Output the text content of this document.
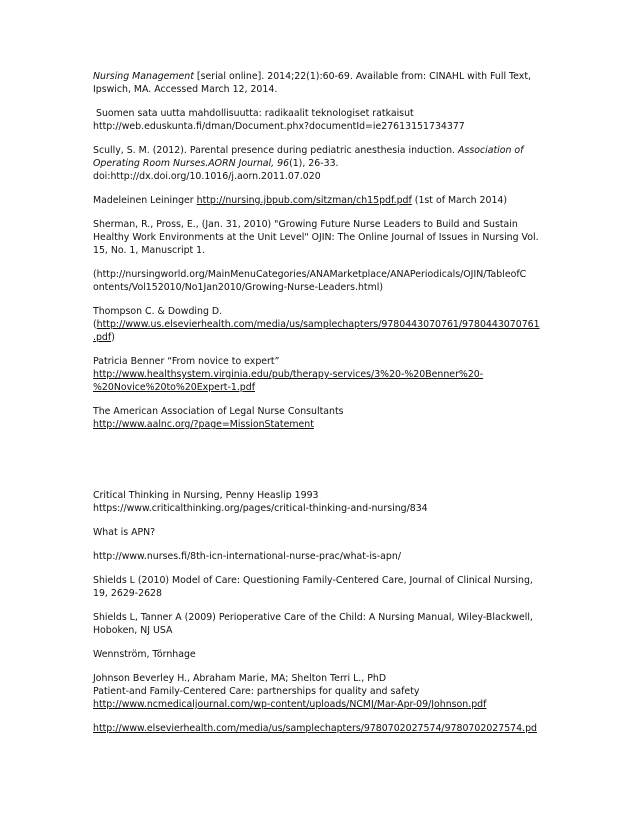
Nursing Management [serial online]. 2014;22(1):60-69. Available from: CINAHL with Full Text,
Ipswich, MA. Accessed March 12, 2014.
Suomen sata uutta mahdollisuutta: radikaalit teknologiset ratkaisut
http://web.eduskunta.fi/dman/Document.phx?documentId=ie27613151734377
Scully, S. M. (2012). Parental presence during pediatric anesthesia induction. Association of
Operating Room Nurses.AORN Journal, 96(1), 26-33.
doi:http://dx.doi.org/10.1016/j.aorn.2011.07.020
Madeleinen Leininger http://nursing.jbpub.com/sitzman/ch15pdf.pdf (1st of March 2014)
Sherman, R., Pross, E., (Jan. 31, 2010) "Growing Future Nurse Leaders to Build and Sustain
Healthy Work Environments at the Unit Level" OJIN: The Online Journal of Issues in Nursing Vol.
15, No. 1, Manuscript 1.
(http://nursingworld.org/MainMenuCategories/ANAMarketplace/ANAPeriodicals/OJIN/TableofC
ontents/Vol152010/No1Jan2010/Growing-Nurse-Leaders.html)
Thompson C. & Dowding D.
(http://www.us.elsevierhealth.com/media/us/samplechapters/9780443070761/9780443070761
.pdf)
Patricia Benner “From novice to expert”
http://www.healthsystem.virginia.edu/pub/therapy-services/3%20-%20Benner%20-
%20Novice%20to%20Expert-1.pdf
The American Association of Legal Nurse Consultants
http://www.aalnc.org/?page=MissionStatement
Critical Thinking in Nursing, Penny Heaslip 1993
https://www.criticalthinking.org/pages/critical-thinking-and-nursing/834
What is APN?
http://www.nurses.fi/8th-icn-international-nurse-prac/what-is-apn/
Shields L (2010) Model of Care: Questioning Family-Centered Care, Journal of Clinical Nursing,
19, 2629-2628
Shields L, Tanner A (2009) Perioperative Care of the Child: A Nursing Manual, Wiley-Blackwell,
Hoboken, NJ USA
Wennström, Törnhage
Johnson Beverley H., Abraham Marie, MA; Shelton Terri L., PhD
Patient-and Family-Centered Care: partnerships for quality and safety
http://www.ncmedicaljournal.com/wp-content/uploads/NCMJ/Mar-Apr-09/Johnson.pdf
http://www.elsevierhealth.com/media/us/samplechapters/9780702027574/9780702027574.pd
